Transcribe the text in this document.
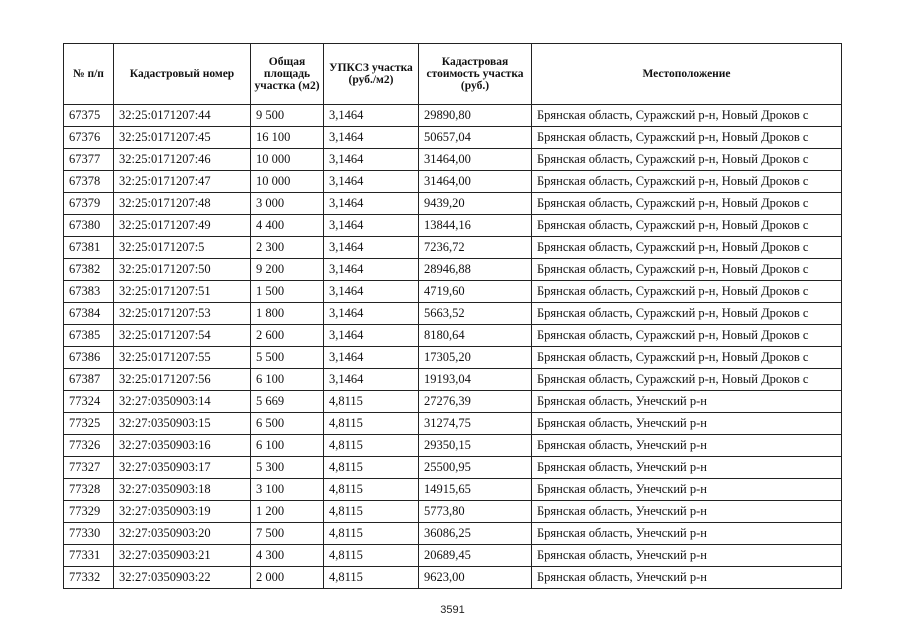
№ п/п	Кадастровый номер	Общая площадь участка (м2)	УПКСЗ участка (руб./м2)	Кадастровая стоимость участка (руб.)	Местоположение
67375	32:25:0171207:44	9 500	3,1464	29890,80	Брянская область, Суражский р-н, Новый Дроков с
67376	32:25:0171207:45	16 100	3,1464	50657,04	Брянская область, Суражский р-н, Новый Дроков с
67377	32:25:0171207:46	10 000	3,1464	31464,00	Брянская область, Суражский р-н, Новый Дроков с
67378	32:25:0171207:47	10 000	3,1464	31464,00	Брянская область, Суражский р-н, Новый Дроков с
67379	32:25:0171207:48	3 000	3,1464	9439,20	Брянская область, Суражский р-н, Новый Дроков с
67380	32:25:0171207:49	4 400	3,1464	13844,16	Брянская область, Суражский р-н, Новый Дроков с
67381	32:25:0171207:5	2 300	3,1464	7236,72	Брянская область, Суражский р-н, Новый Дроков с
67382	32:25:0171207:50	9 200	3,1464	28946,88	Брянская область, Суражский р-н, Новый Дроков с
67383	32:25:0171207:51	1 500	3,1464	4719,60	Брянская область, Суражский р-н, Новый Дроков с
67384	32:25:0171207:53	1 800	3,1464	5663,52	Брянская область, Суражский р-н, Новый Дроков с
67385	32:25:0171207:54	2 600	3,1464	8180,64	Брянская область, Суражский р-н, Новый Дроков с
67386	32:25:0171207:55	5 500	3,1464	17305,20	Брянская область, Суражский р-н, Новый Дроков с
67387	32:25:0171207:56	6 100	3,1464	19193,04	Брянская область, Суражский р-н, Новый Дроков с
77324	32:27:0350903:14	5 669	4,8115	27276,39	Брянская область, Унечский р-н
77325	32:27:0350903:15	6 500	4,8115	31274,75	Брянская область, Унечский р-н
77326	32:27:0350903:16	6 100	4,8115	29350,15	Брянская область, Унечский р-н
77327	32:27:0350903:17	5 300	4,8115	25500,95	Брянская область, Унечский р-н
77328	32:27:0350903:18	3 100	4,8115	14915,65	Брянская область, Унечский р-н
77329	32:27:0350903:19	1 200	4,8115	5773,80	Брянская область, Унечский р-н
77330	32:27:0350903:20	7 500	4,8115	36086,25	Брянская область, Унечский р-н
77331	32:27:0350903:21	4 300	4,8115	20689,45	Брянская область, Унечский р-н
77332	32:27:0350903:22	2 000	4,8115	9623,00	Брянская область, Унечский р-н
3591
